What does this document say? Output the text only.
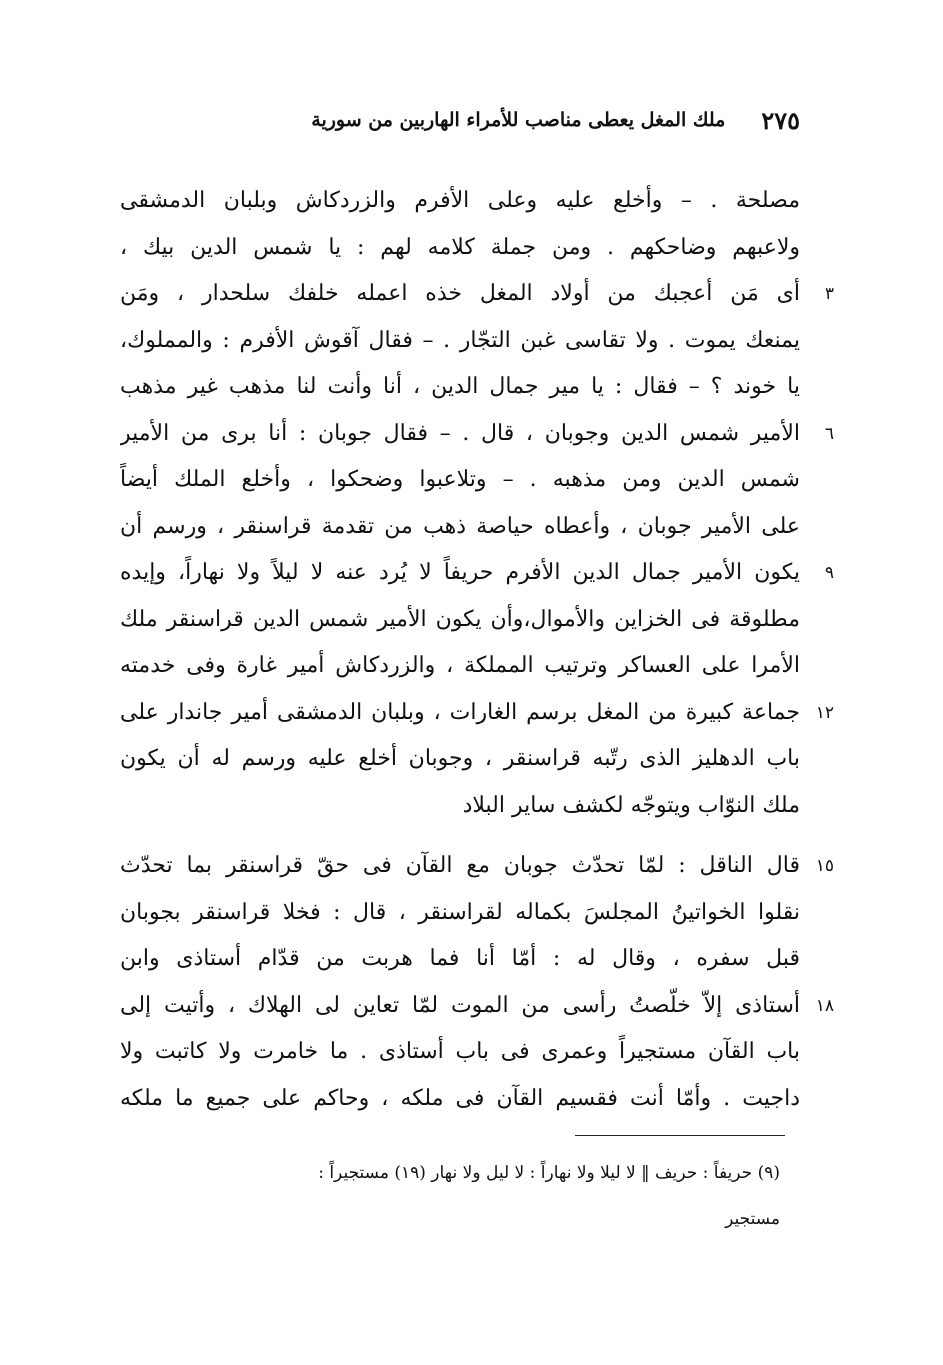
٢٧٥
ملك المغل يعطى مناصب للأمراء الهاربين من سورية
مصلحة . – وأخلع عليه وعلى الأفرم والزردكاش وبلبان الدمشقى
ولاعبهم وضاحكهم . ومن جملة كلامه لهم : يا شمس الدين بيك ،
٣
أى مَن أعجبك من أولاد المغل خذه اعمله خلفك سلحدار ، ومَن
يمنعك يموت . ولا تقاسى غبن التجّار . – فقال آقوش الأفرم : والمملوك،
يا خوند ؟ – فقال : يا مير جمال الدين ، أنا وأنت لنا مذهب غير مذهب
٦
الأمير شمس الدين وجوبان ، قال . – فقال جوبان : أنا برى من الأمير
شمس الدين ومن مذهبه . – وتلاعبوا وضحكوا ، وأخلع الملك أيضاً
على الأمير جوبان ، وأعطاه حياصة ذهب من تقدمة قراسنقر ، ورسم أن
٩
يكون الأمير جمال الدين الأفرم حريفاً لا يُرد عنه لا ليلاً ولا نهاراً، وإيده
مطلوقة فى الخزاين والأموال،وأن يكون الأمير شمس الدين قراسنقر ملك
الأمرا على العساكر وترتيب المملكة ، والزردكاش أمير غارة وفى خدمته
١٢
جماعة كبيرة من المغل برسم الغارات ، وبلبان الدمشقى أمير جاندار على
باب الدهليز الذى رتّبه قراسنقر ، وجوبان أخلع عليه ورسم له أن يكون
ملك النوّاب ويتوجّه لكشف ساير البلاد
١٥
قال الناقل : لمّا تحدّث جوبان مع القآن فى حقّ قراسنقر بما تحدّث
نقلوا الخواتينُ المجلسَ بكماله لقراسنقر ، قال : فخلا قراسنقر بجوبان
قبل سفره ، وقال له : أمّا أنا فما هربت من قدّام أستاذى وابن
١٨
أستاذى إلاّ خلّصتُ رأسى من الموت لمّا تعاين لى الهلاك ، وأتيت إلى
باب القآن مستجيراً وعمرى فى باب أستاذى . ما خامرت ولا كاتبت ولا
داجيت . وأمّا أنت فقسيم القآن فى ملكه ، وحاكم على جميع ما ملكه
(٩) حريفاً : حريف ‖ لا ليلا ولا نهاراً : لا ليل ولا نهار (١٩) مستجيراً :
مستجير
